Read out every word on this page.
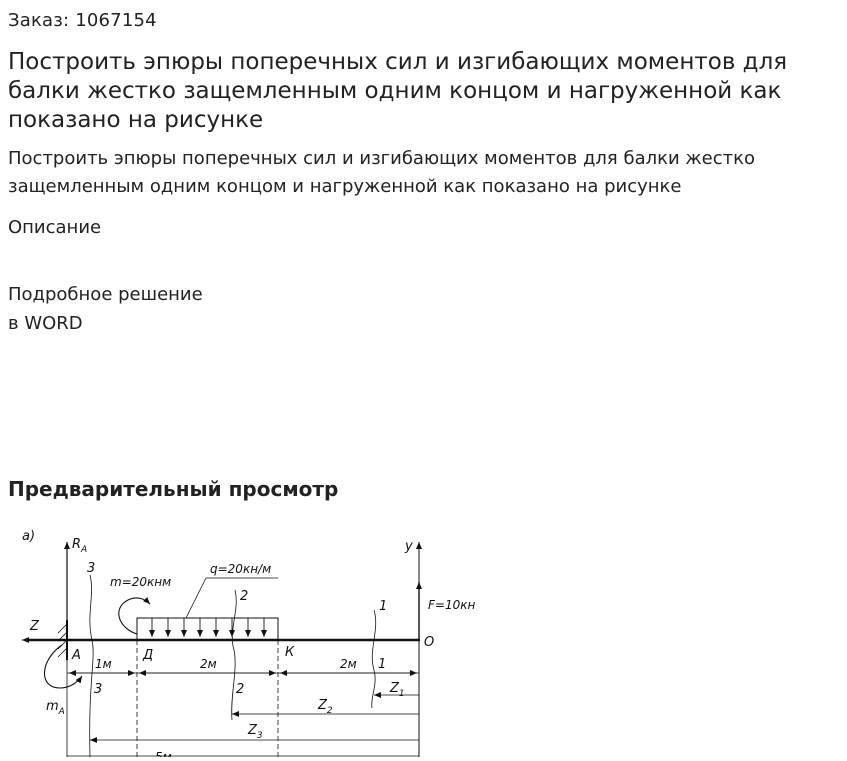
Заказ: 1067154
Построить эпюры поперечных сил и изгибающих моментов для балки жестко защемленным одним концом и нагруженной как показано на рисунке
Построить эпюры поперечных сил и изгибающих моментов для балки жестко защемленным одним концом и нагруженной как показано на рисунке
Описание
Подробное решение
в WORD
Предварительный просмотр
а)
Z
$R_A$
$m_A$
3
3
m=20кнм
q=20кн/м
2
2
1
1
y
F=10кн
A	Д	К
О
1м	2м	2м
$Z_1$
$Z_2$
$Z_3$
5м
